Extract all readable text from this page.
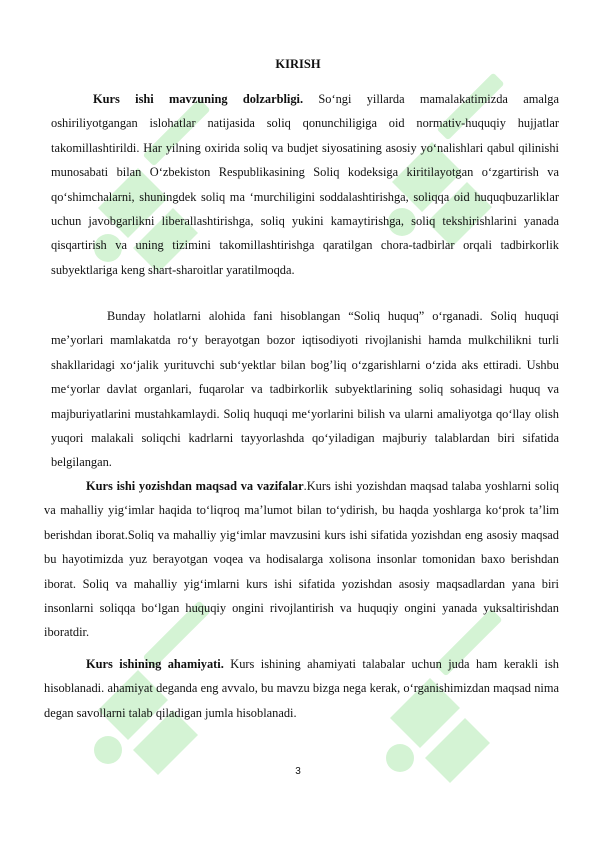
KIRISH

Kurs ishi mavzuning dolzarbligi. So‘ngi yillarda mamalakatimizda amalga oshiriliyotgangan islohatlar natijasida soliq qonunchiligiga oid normativ-huquqiy hujjatlar takomillashtirildi. Har yilning oxirida soliq va budjet siyosatining asosiy yo‘nalishlari qabul qilinishi munosabati bilan O‘zbekiston Respublikasining Soliq kodeksiga kiritilayotgan o‘zgartirish va qo‘shimchalarni, shuningdek soliq ma ‘murchiligini soddalashtirishga, soliqqa oid huquqbuzarliklar uchun javobgarlikni liberallashtirishga, soliq yukini kamaytirishga, soliq tekshirishlarini yanada qisqartirish va uning tizimini takomillashtirishga qaratilgan chora-tadbirlar orqali tadbirkorlik subyektlariga keng shart-sharoitlar yaratilmoqda.

Bunday holatlarni alohida fani hisoblangan “Soliq huquq” o‘rganadi. Soliq huquqi me’yorlari mamlakatda ro‘y berayotgan bozor iqtisodiyoti rivojlanishi hamda mulkchilikni turli shakllaridagi xo‘jalik yurituvchi sub‘yektlar bilan bog’liq o‘zgarishlarni o‘zida aks ettiradi. Ushbu me‘yorlar davlat organlari, fuqarolar va tadbirkorlik subyektlarining soliq sohasidagi huquq va majburiyatlarini mustahkamlaydi. Soliq huquqi me‘yorlarini bilish va ularni amaliyotga qo‘llay olish yuqori malakali soliqchi kadrlarni tayyorlashda qo‘yiladigan majburiy talablardan biri sifatida belgilangan.

Kurs ishi yozishdan maqsad va vazifalar.Kurs ishi yozishdan maqsad talaba yoshlarni soliq va mahalliy yig‘imlar haqida to‘liqroq ma’lumot bilan to‘ydirish, bu haqda yoshlarga ko‘prok ta’lim berishdan iborat.Soliq va mahalliy yig‘imlar mavzusini kurs ishi sifatida yozishdan eng asosiy maqsad bu hayotimizda yuz berayotgan voqea va hodisalarga xolisona insonlar tomonidan baxo berishdan iborat. Soliq va mahalliy yig‘imlarni kurs ishi sifatida yozishdan asosiy maqsadlardan yana biri insonlarni soliqqa bo‘lgan huquqiy ongini rivojlantirish va huquqiy ongini yanada yuksaltirishdan iboratdir.

Kurs ishining ahamiyati. Kurs ishining ahamiyati talabalar uchun juda ham kerakli ish hisoblanadi. ahamiyat deganda eng avvalo, bu mavzu bizga nega kerak, o‘rganishimizdan maqsad nima degan savollarni talab qiladigan jumla hisoblanadi.

3
